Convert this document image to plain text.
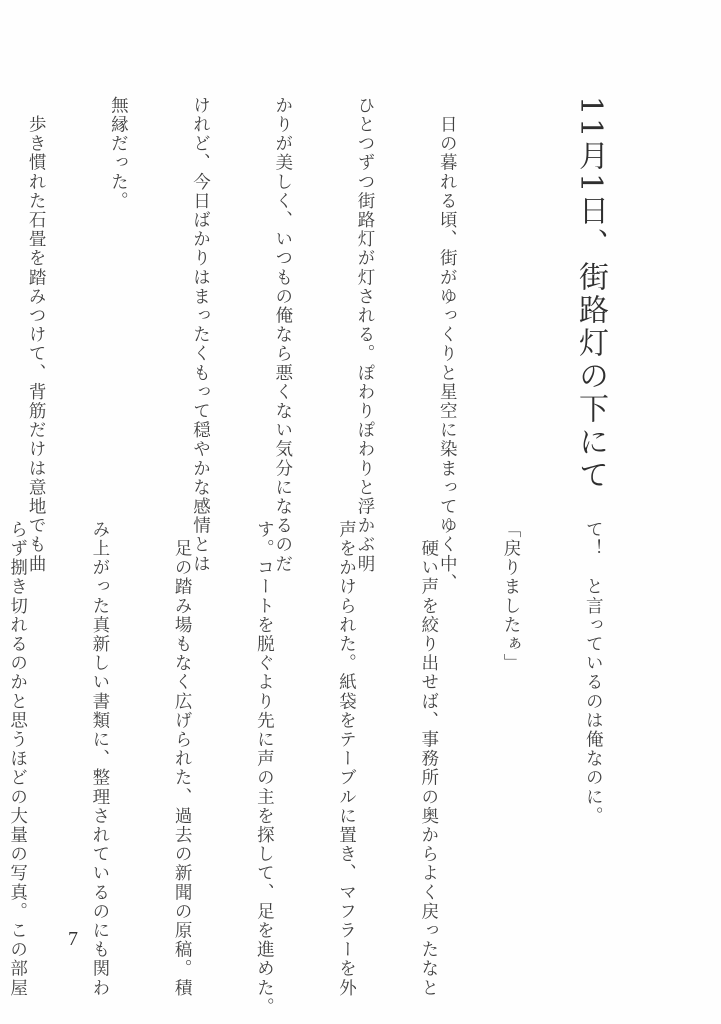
11月1日、街路灯の下にて

　日の暮れる頃、街がゆっくりと星空に染まってゆく中、

ひとつずつ街路灯が灯される。ぽわりぽわりと浮かぶ明

かりが美しく、いつもの俺なら悪くない気分になるのだ

けれど、今日ばかりはまったくもって穏やかな感情とは

無縁だった。

　歩き慣れた石畳を踏みつけて、背筋だけは意地でも曲

て！　と言っているのは俺なのに。

「戻りましたぁ」

　硬い声を絞り出せば、事務所の奥からよく戻ったなと

声をかけられた。紙袋をテーブルに置き、マフラーを外

す。コートを脱ぐより先に声の主を探して、足を進めた。

　足の踏み場もなく広げられた、過去の新聞の原稿。積

み上がった真新しい書類に、整理されているのにも関わ

らず捌き切れるのかと思うほどの大量の写真。この部屋

7
